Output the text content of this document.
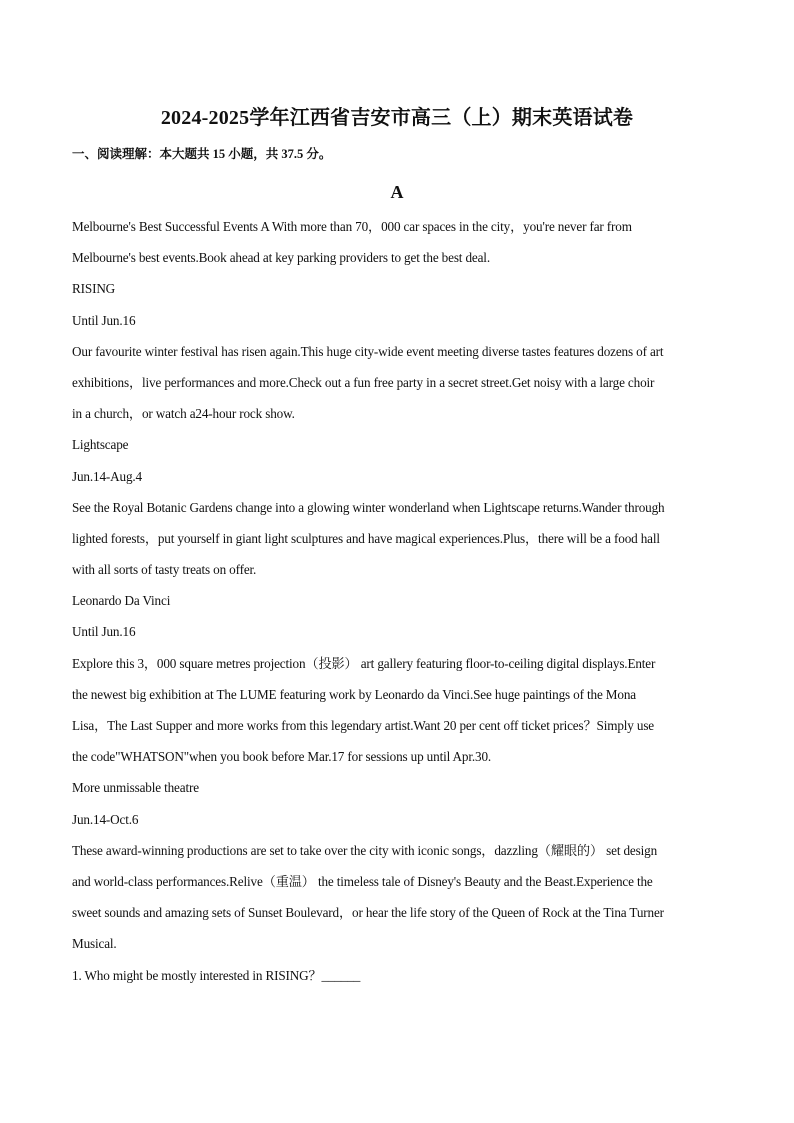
2024-2025学年江西省吉安市高三（上）期末英语试卷
一、阅读理解：本大题共 15 小题，共 37.5 分。
A
Melbourne's Best Successful Events A With more than 70，000 car spaces in the city，you're never far from
Melbourne's best events.Book ahead at key parking providers to get the best deal.
RISING
Until Jun.16
Our favourite winter festival has risen again.This huge city-wide event meeting diverse tastes features dozens of art
exhibitions，live performances and more.Check out a fun free party in a secret street.Get noisy with a large choir
in a church，or watch a24-hour rock show.
Lightscape
Jun.14-Aug.4
See the Royal Botanic Gardens change into a glowing winter wonderland when Lightscape returns.Wander through
lighted forests，put yourself in giant light sculptures and have magical experiences.Plus，there will be a food hall
with all sorts of tasty treats on offer.
Leonardo Da Vinci
Until Jun.16
Explore this 3，000 square metres projection（投影） art gallery featuring floor-to-ceiling digital displays.Enter
the newest big exhibition at The LUME featuring work by Leonardo da Vinci.See huge paintings of the Mona
Lisa，The Last Supper and more works from this legendary artist.Want 20 per cent off ticket prices？Simply use
the code"WHATSON"when you book before Mar.17 for sessions up until Apr.30.
More unmissable theatre
Jun.14-Oct.6
These award-winning productions are set to take over the city with iconic songs，dazzling（耀眼的） set design
and world-class performances.Relive（重温） the timeless tale of Disney's Beauty and the Beast.Experience the
sweet sounds and amazing sets of Sunset Boulevard，or hear the life story of the Queen of Rock at the Tina Turner
Musical.
1. Who might be mostly interested in RISING？______
